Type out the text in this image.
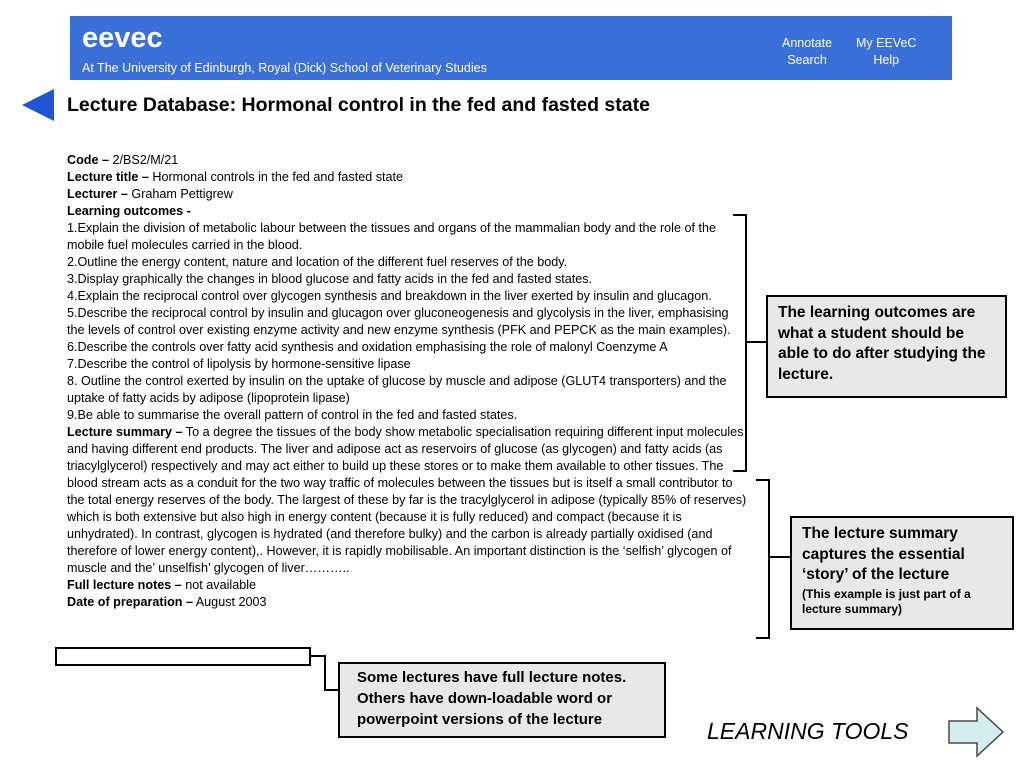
eevec
At The University of Edinburgh, Royal (Dick) School of Veterinary Studies
Annotate
Search
My EEVeC
Help
Lecture Database: Hormonal control in the fed and fasted state

Code – 2/BS2/M/21

Lecture title – Hormonal controls in the fed and fasted state

Lecturer – Graham Pettigrew

Learning outcomes -

1.Explain the division of metabolic labour between the tissues and organs of the mammalian body and the role of the mobile fuel molecules carried in the blood.

2.Outline the energy content, nature and location of the different fuel reserves of the body.

3.Display graphically the changes in blood glucose and fatty acids in the fed and fasted states.

4.Explain the reciprocal control over glycogen synthesis and breakdown in the liver exerted by insulin and glucagon.

5.Describe the reciprocal control by insulin and glucagon over gluconeogenesis and glycolysis in the liver, emphasising the levels of control over existing enzyme activity and new enzyme synthesis (PFK and PEPCK as the main examples).

6.Describe the controls over fatty acid synthesis and oxidation emphasising the role of malonyl Coenzyme A

7.Describe the control of lipolysis by hormone-sensitive lipase

8. Outline the control exerted by insulin on the uptake of glucose by muscle and adipose (GLUT4 transporters) and the uptake of fatty acids by adipose (lipoprotein lipase)

9.Be able to summarise the overall pattern of control in the fed and fasted states.

Lecture summary – To a degree the tissues of the body show metabolic specialisation requiring different input molecules and having different end products. The liver and adipose act as reservoirs of glucose (as glycogen) and fatty acids (as triacylglycerol) respectively and may act either to build up these stores or to make them available to other tissues. The blood stream acts as a conduit for the two way traffic of molecules between the tissues but is itself a small contributor to the total energy reserves of the body. The largest of these by far is the tracylglycerol in adipose (typically 85% of reserves) which is both extensive but also high in energy content (because it is fully reduced) and compact (because it is unhydrated). In contrast, glycogen is hydrated (and therefore bulky) and the carbon is already partially oxidised (and therefore of lower energy content),. However, it is rapidly mobilisable. An important distinction is the ‘selfish’ glycogen of muscle and the’ unselfish’ glycogen of liver………..

Full lecture notes – not available

Date of preparation – August 2003

The learning outcomes are what a student should be able to do after studying the lecture.
The lecture summary captures the essential ‘story’ of the lecture
(This example is just part of a lecture summary)
Some lectures have full lecture notes. Others have down-loadable word or powerpoint versions of the lecture	LEARNING TOOLS
